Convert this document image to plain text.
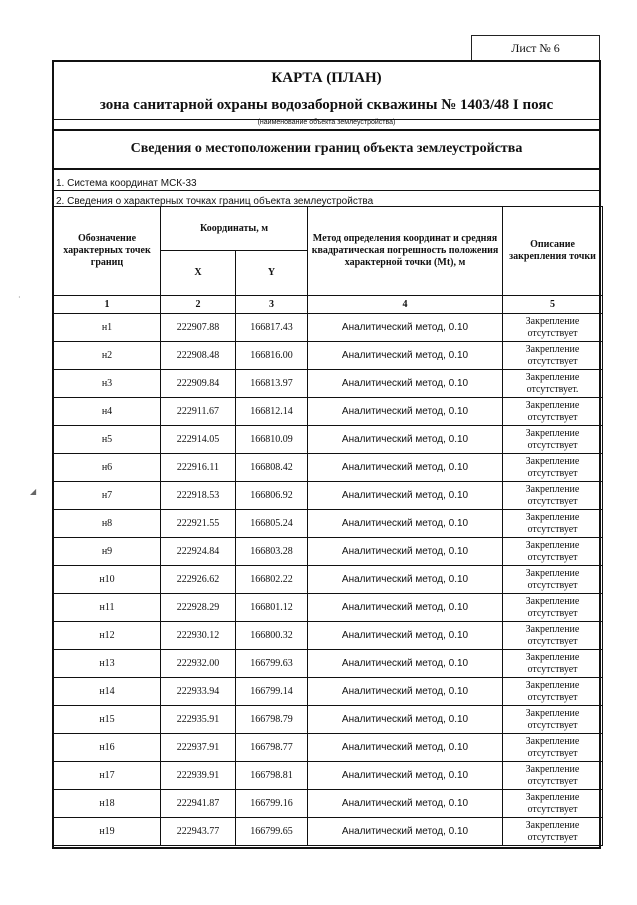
Лист № 6
КАРТА (ПЛАН)
зона санитарной охраны водозаборной скважины № 1403/48 I пояс
(наименование объекта землеустройства)
Сведения о местоположении границ объекта землеустройства
1. Система координат МСК-33
2. Сведения о характерных точках границ объекта землеустройства
Обозначение характерных точек границ	Координаты, м		Метод определения координат и средняя квадратическая погрешность положения характерной точки (Mt), м	Описание закрепления точки
	X	Y		
1	2	3	4	5
н1	222907.88	166817.43	Аналитический метод, 0.10	Закрепление отсутствует
н2	222908.48	166816.00	Аналитический метод, 0.10	Закрепление отсутствует
н3	222909.84	166813.97	Аналитический метод, 0.10	Закрепление отсутствует.
н4	222911.67	166812.14	Аналитический метод, 0.10	Закрепление отсутствует
н5	222914.05	166810.09	Аналитический метод, 0.10	Закрепление отсутствует
н6	222916.11	166808.42	Аналитический метод, 0.10	Закрепление отсутствует
н7	222918.53	166806.92	Аналитический метод, 0.10	Закрепление отсутствует
н8	222921.55	166805.24	Аналитический метод, 0.10	Закрепление отсутствует
н9	222924.84	166803.28	Аналитический метод, 0.10	Закрепление отсутствует
н10	222926.62	166802.22	Аналитический метод, 0.10	Закрепление отсутствует
н11	222928.29	166801.12	Аналитический метод, 0.10	Закрепление отсутствует
н12	222930.12	166800.32	Аналитический метод, 0.10	Закрепление отсутствует
н13	222932.00	166799.63	Аналитический метод, 0.10	Закрепление отсутствует
н14	222933.94	166799.14	Аналитический метод, 0.10	Закрепление отсутствует
н15	222935.91	166798.79	Аналитический метод, 0.10	Закрепление отсутствует
н16	222937.91	166798.77	Аналитический метод, 0.10	Закрепление отсутствует
н17	222939.91	166798.81	Аналитический метод, 0.10	Закрепление отсутствует
н18	222941.87	166799.16	Аналитический метод, 0.10	Закрепление отсутствует
н19	222943.77	166799.65	Аналитический метод, 0.10	Закрепление отсутствует
·
◢
